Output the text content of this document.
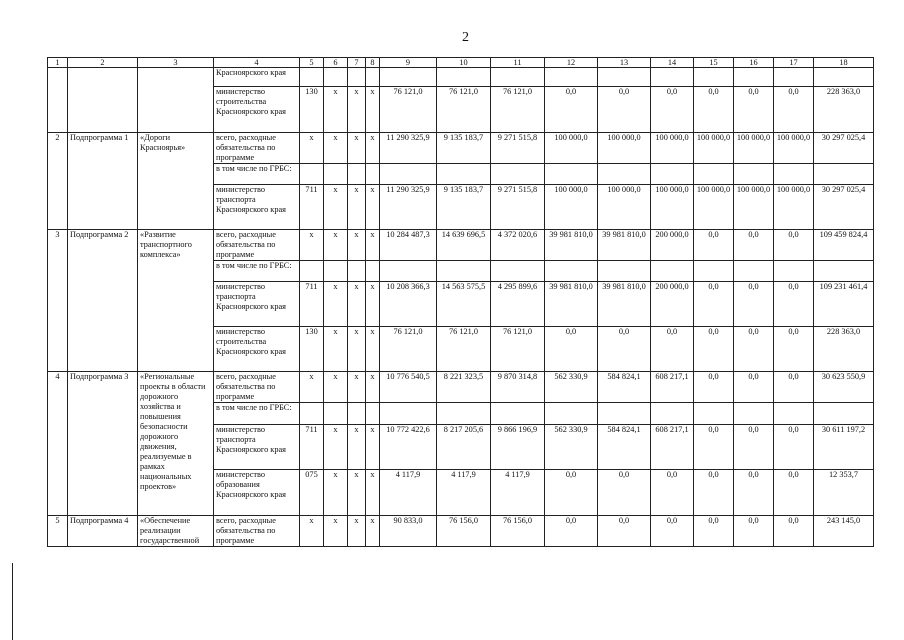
2
1	2	3	4	5	6	7	8	9	10	11	12	13	14	15	16	17	18
			Красноярского края														
			министерство строительства Красноярского края	130	x	x	x	76 121,0	76 121,0	76 121,0	0,0	0,0	0,0	0,0	0,0	0,0	228 363,0
2	Подпрограмма 1	«Дороги Красноярья»	всего, расходные обязательства по программе	x	x	x	x	11 290 325,9	9 135 183,7	9 271 515,8	100 000,0	100 000,0	100 000,0	100 000,0	100 000,0	100 000,0	30 297 025,4
			в том числе по ГРБС:														
			министерство транспорта Красноярского края	711	x	x	x	11 290 325,9	9 135 183,7	9 271 515,8	100 000,0	100 000,0	100 000,0	100 000,0	100 000,0	100 000,0	30 297 025,4
3	Подпрограмма 2	«Развитие транспортного комплекса»	всего, расходные обязательства по программе	x	x	x	x	10 284 487,3	14 639 696,5	4 372 020,6	39 981 810,0	39 981 810,0	200 000,0	0,0	0,0	0,0	109 459 824,4
			в том числе по ГРБС:														
			министерство транспорта Красноярского края	711	x	x	x	10 208 366,3	14 563 575,5	4 295 899,6	39 981 810,0	39 981 810,0	200 000,0	0,0	0,0	0,0	109 231 461,4
			министерство строительства Красноярского края	130	x	x	x	76 121,0	76 121,0	76 121,0	0,0	0,0	0,0	0,0	0,0	0,0	228 363,0
4	Подпрограмма 3	«Региональные проекты в области дорожного хозяйства и повышения безопасности дорожного движения, реализуемые в рамках национальных проектов»	всего, расходные обязательства по программе	x	x	x	x	10 776 540,5	8 221 323,5	9 870 314,8	562 330,9	584 824,1	608 217,1	0,0	0,0	0,0	30 623 550,9
			в том числе по ГРБС:														
			министерство транспорта Красноярского края	711	x	x	x	10 772 422,6	8 217 205,6	9 866 196,9	562 330,9	584 824,1	608 217,1	0,0	0,0	0,0	30 611 197,2
			министерство образования Красноярского края	075	x	x	x	4 117,9	4 117,9	4 117,9	0,0	0,0	0,0	0,0	0,0	0,0	12 353,7
5	Подпрограмма 4	«Обеспечение реализации государственной	всего, расходные обязательства по программе	x	x	x	x	90 833,0	76 156,0	76 156,0	0,0	0,0	0,0	0,0	0,0	0,0	243 145,0
